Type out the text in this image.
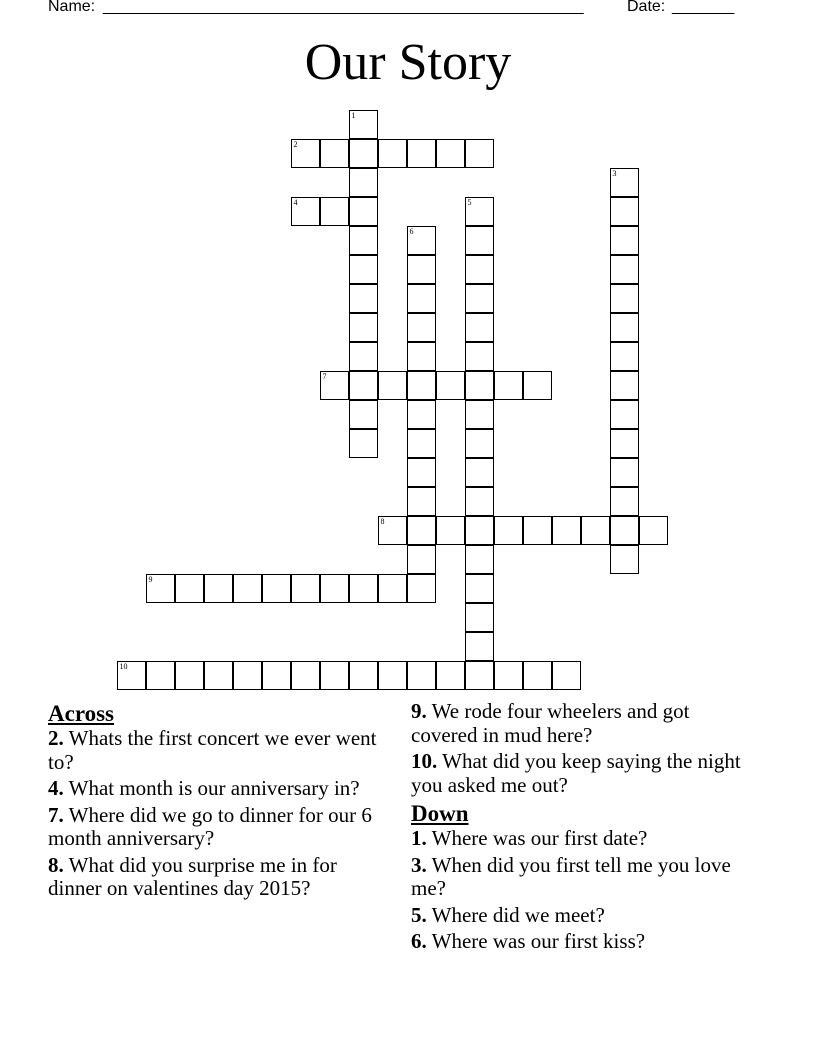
Name: ______________________________________________________	Date: _______
Our Story
1
2
3
4	5
6
7
8
9
10
Across
2. Whats the first concert we ever went to?
4. What month is our anniversary in?
7. Where did we go to dinner for our 6 month anniversary?
8. What did you surprise me in for dinner on valentines day 2015?
9. We rode four wheelers and got covered in mud here?
10. What did you keep saying the night you asked me out?
Down
1. Where was our first date?
3. When did you first tell me you love me?
5. Where did we meet?
6. Where was our first kiss?
